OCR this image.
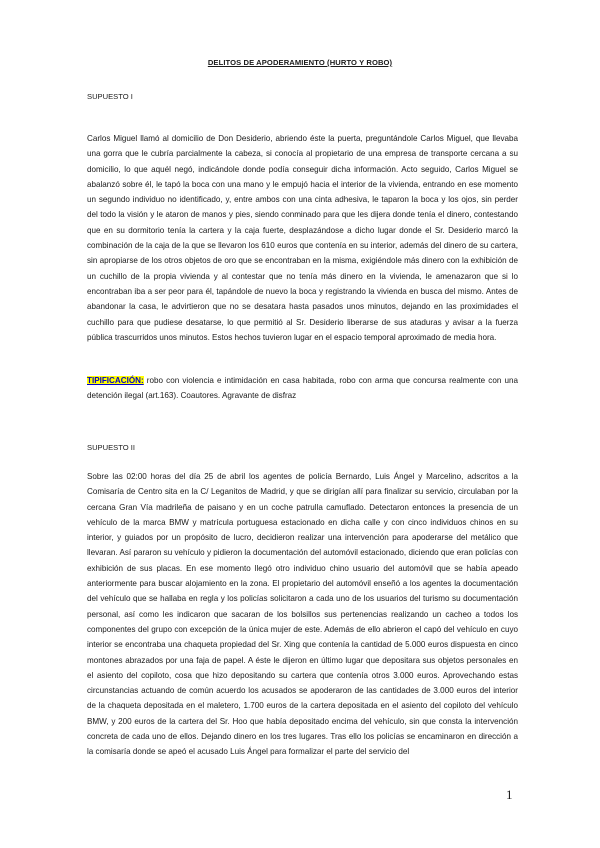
DELITOS DE APODERAMIENTO (HURTO Y ROBO)
SUPUESTO I

Carlos Miguel llamó al domicilio de Don Desiderio, abriendo éste la puerta, preguntándole Carlos Miguel, que llevaba una gorra que le cubría parcialmente la cabeza, si conocía al propietario de una empresa de transporte cercana a su domicilio, lo que aquél negó, indicándole donde podía conseguir dicha información. Acto seguido, Carlos Miguel se abalanzó sobre él, le tapó la boca con una mano y le empujó hacia el interior de la vivienda, entrando en ese momento un segundo individuo no identificado, y, entre ambos con una cinta adhesiva, le taparon la boca y los ojos, sin perder del todo la visión y le ataron de manos y pies, siendo conminado para que les dijera donde tenía el dinero, contestando que en su dormitorio tenía la cartera y la caja fuerte, desplazándose a dicho lugar donde el Sr. Desiderio marcó la combinación de la caja de la que se llevaron los 610 euros que contenía en su interior, además del dinero de su cartera, sin apropiarse de los otros objetos de oro que se encontraban en la misma, exigiéndole más dinero con la exhibición de un cuchillo de la propia vivienda y al contestar que no tenía más dinero en la vivienda, le amenazaron que si lo encontraban iba a ser peor para él, tapándole de nuevo la boca y registrando la vivienda en busca del mismo. Antes de abandonar la casa, le advirtieron que no se desatara hasta pasados unos minutos, dejando en las proximidades el cuchillo para que pudiese desatarse, lo que permitió al Sr. Desiderio liberarse de sus ataduras y avisar a la fuerza pública trascurridos unos minutos. Estos hechos tuvieron lugar en el espacio temporal aproximado de media hora.

TIPIFICACIÓN: robo con violencia e intimidación en casa habitada, robo con arma que concursa realmente con una detención ilegal (art.163). Coautores. Agravante de disfraz

SUPUESTO II

Sobre las 02:00 horas del día 25 de abril los agentes de policía Bernardo, Luis Ángel y Marcelino, adscritos a la Comisaría de Centro sita en la C/ Leganitos de Madrid, y que se dirigían allí para finalizar su servicio, circulaban por la cercana Gran Vía madrileña de paisano y en un coche patrulla camuflado. Detectaron entonces la presencia de un vehículo de la marca BMW y matrícula portuguesa estacionado en dicha calle y con cinco individuos chinos en su interior, y guiados por un propósito de lucro, decidieron realizar una intervención para apoderarse del metálico que llevaran. Así pararon su vehículo y pidieron la documentación del automóvil estacionado, diciendo que eran policías con exhibición de sus placas. En ese momento llegó otro individuo chino usuario del automóvil que se había apeado anteriormente para buscar alojamiento en la zona. El propietario del automóvil enseñó a los agentes la documentación del vehículo que se hallaba en regla y los policías solicitaron a cada uno de los usuarios del turismo su documentación personal, así como les indicaron que sacaran de los bolsillos sus pertenencias realizando un cacheo a todos los componentes del grupo con excepción de la única mujer de este. Además de ello abrieron el capó del vehículo en cuyo interior se encontraba una chaqueta propiedad del Sr. Xing que contenía la cantidad de 5.000 euros dispuesta en cinco montones abrazados por una faja de papel. A éste le dijeron en último lugar que depositara sus objetos personales en el asiento del copiloto, cosa que hizo depositando su cartera que contenía otros 3.000 euros. Aprovechando estas circunstancias actuando de común acuerdo los acusados se apoderaron de las cantidades de 3.000 euros del interior de la chaqueta depositada en el maletero, 1.700 euros de la cartera depositada en el asiento del copiloto del vehículo BMW, y 200 euros de la cartera del Sr. Hoo que había depositado encima del vehículo, sin que consta la intervención concreta de cada uno de ellos. Dejando dinero en los tres lugares. Tras ello los policías se encaminaron en dirección a la comisaría donde se apeó el acusado Luis Ángel para formalizar el parte del servicio del

1
